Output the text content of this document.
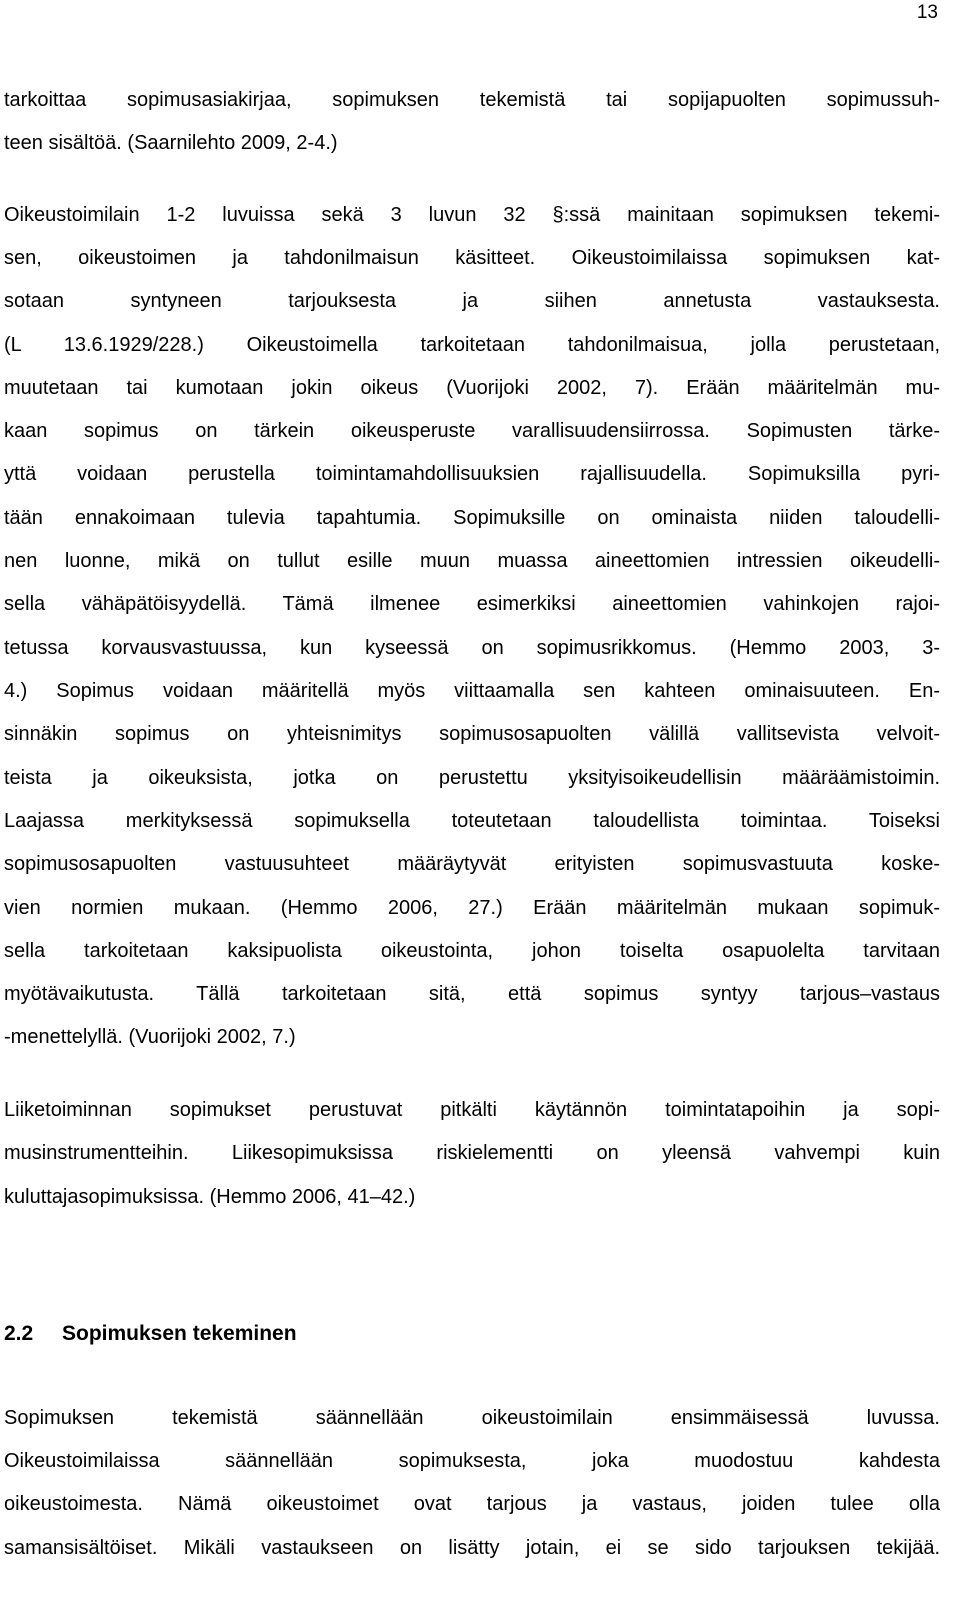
13
tarkoittaa sopimusasiakirjaa, sopimuksen tekemistä tai sopijapuolten sopimussuh-
teen sisältöä. (Saarnilehto 2009, 2-4.)
Oikeustoimilain 1-2 luvuissa sekä 3 luvun 32 §:ssä mainitaan sopimuksen tekemi-
sen, oikeustoimen ja tahdonilmaisun käsitteet. Oikeustoimilaissa sopimuksen kat-
sotaan syntyneen tarjouksesta ja siihen annetusta vastauksesta.
(L 13.6.1929/228.) Oikeustoimella tarkoitetaan tahdonilmaisua, jolla perustetaan,
muutetaan tai kumotaan jokin oikeus (Vuorijoki 2002, 7). Erään määritelmän mu-
kaan sopimus on tärkein oikeusperuste varallisuudensiirrossa. Sopimusten tärke-
yttä voidaan perustella toimintamahdollisuuksien rajallisuudella. Sopimuksilla pyri-
tään ennakoimaan tulevia tapahtumia. Sopimuksille on ominaista niiden taloudelli-
nen luonne, mikä on tullut esille muun muassa aineettomien intressien oikeudelli-
sella vähäpätöisyydellä. Tämä ilmenee esimerkiksi aineettomien vahinkojen rajoi-
tetussa korvausvastuussa, kun kyseessä on sopimusrikkomus. (Hemmo 2003, 3-
4.) Sopimus voidaan määritellä myös viittaamalla sen kahteen ominaisuuteen. En-
sinnäkin sopimus on yhteisnimitys sopimusosapuolten välillä vallitsevista velvoit-
teista ja oikeuksista, jotka on perustettu yksityisoikeudellisin määräämistoimin.
Laajassa merkityksessä sopimuksella toteutetaan taloudellista toimintaa. Toiseksi
sopimusosapuolten vastuusuhteet määräytyvät erityisten sopimusvastuuta koske-
vien normien mukaan. (Hemmo 2006, 27.) Erään määritelmän mukaan sopimuk-
sella tarkoitetaan kaksipuolista oikeustointa, johon toiselta osapuolelta tarvitaan
myötävaikutusta. Tällä tarkoitetaan sitä, että sopimus syntyy tarjous–vastaus
-menettelyllä. (Vuorijoki 2002, 7.)
Liiketoiminnan sopimukset perustuvat pitkälti käytännön toimintatapoihin ja sopi-
musinstrumentteihin. Liikesopimuksissa riskielementti on yleensä vahvempi kuin
kuluttajasopimuksissa. (Hemmo 2006, 41–42.)
2.2 Sopimuksen tekeminen
Sopimuksen tekemistä säännellään oikeustoimilain ensimmäisessä luvussa.
Oikeustoimilaissa säännellään sopimuksesta, joka muodostuu kahdesta
oikeustoimesta. Nämä oikeustoimet ovat tarjous ja vastaus, joiden tulee olla
samansisältöiset. Mikäli vastaukseen on lisätty jotain, ei se sido tarjouksen tekijää.
